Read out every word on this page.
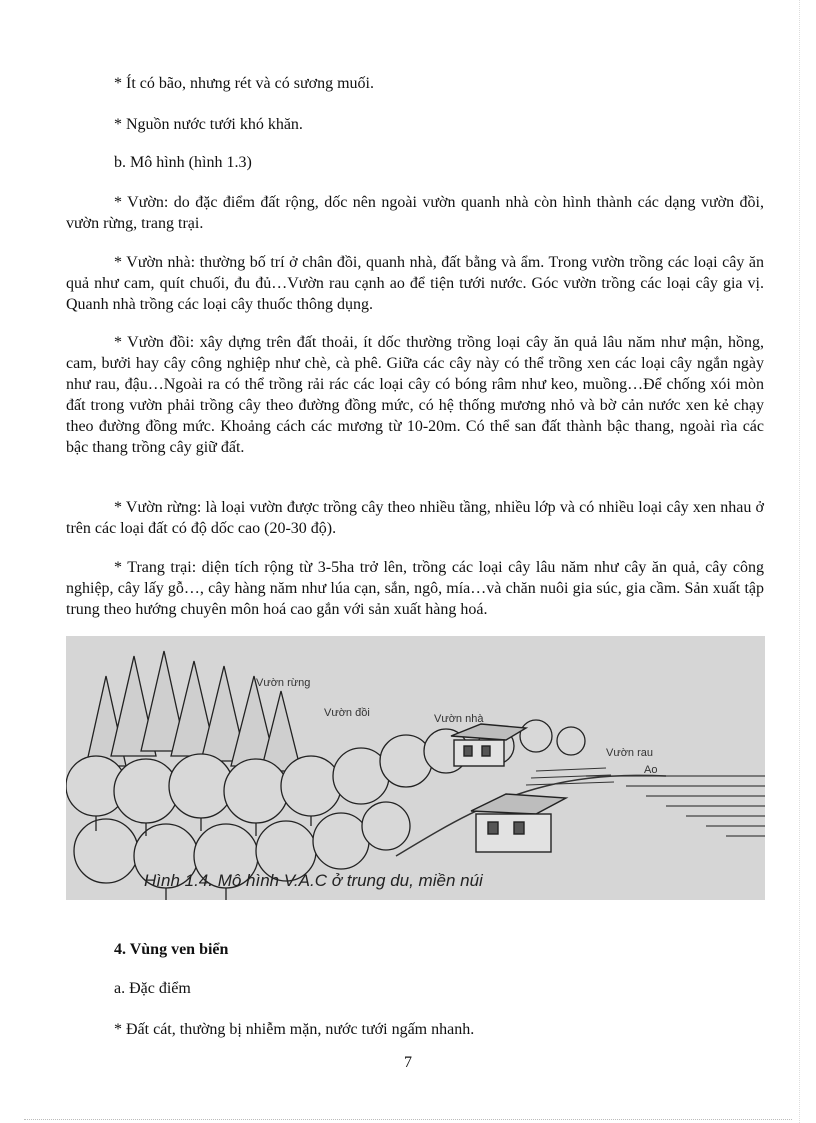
* Ít có bão, nhưng rét và có sương muối.

* Nguồn nước tưới khó khăn.

b. Mô hình (hình 1.3)

* Vườn: do đặc điểm đất rộng, dốc nên ngoài vườn quanh nhà còn hình thành các dạng vườn đồi, vườn rừng, trang trại.

* Vườn nhà: thường bố trí ở chân đồi, quanh nhà, đất bằng và ẩm. Trong vườn trồng các loại cây ăn quả như cam, quít chuối, đu đủ…Vườn rau cạnh ao để tiện tưới nước. Góc vườn trồng các loại cây gia vị. Quanh nhà trồng các loại cây thuốc thông dụng.

* Vườn đồi: xây dựng trên đất thoải, ít dốc thường trồng loại cây ăn quả lâu năm như mận, hồng, cam, bưởi hay cây công nghiệp như chè, cà phê. Giữa các cây này có thể trồng xen các loại cây ngắn ngày như rau, đậu…Ngoài ra có thể trồng rải rác các loại cây có bóng râm như keo, muồng…Để chống xói mòn đất trong vườn phải trồng cây theo đường đồng mức, có hệ thống mương nhỏ và bờ cản nước xen kẻ chạy theo đường đồng mức. Khoảng cách các mương từ 10-20m. Có thể san đất thành bậc thang, ngoài rìa các bậc thang trồng cây giữ đất.

* Vườn rừng: là loại vườn được trồng cây theo nhiều tầng, nhiều lớp và có nhiều loại cây xen nhau ở trên các loại đất có độ dốc cao (20-30 độ).

* Trang trại: diện tích rộng từ 3-5ha trở lên, trồng các loại cây lâu năm như cây ăn quả, cây công nghiệp, cây lấy gỗ…, cây hàng năm như lúa cạn, sắn, ngô, mía…và chăn nuôi gia súc, gia cầm. Sản xuất tập trung theo hướng chuyên môn hoá cao gắn với sản xuất hàng hoá.

Vườn rừng
Vườn đồi	Vườn nhà
Vườn rau
Ao
Hình 1.4. Mô hình V.A.C ở trung du, miền núi

4. Vùng ven biển

a. Đặc điểm

* Đất cát, thường bị nhiễm mặn, nước tưới ngấm nhanh.

7
